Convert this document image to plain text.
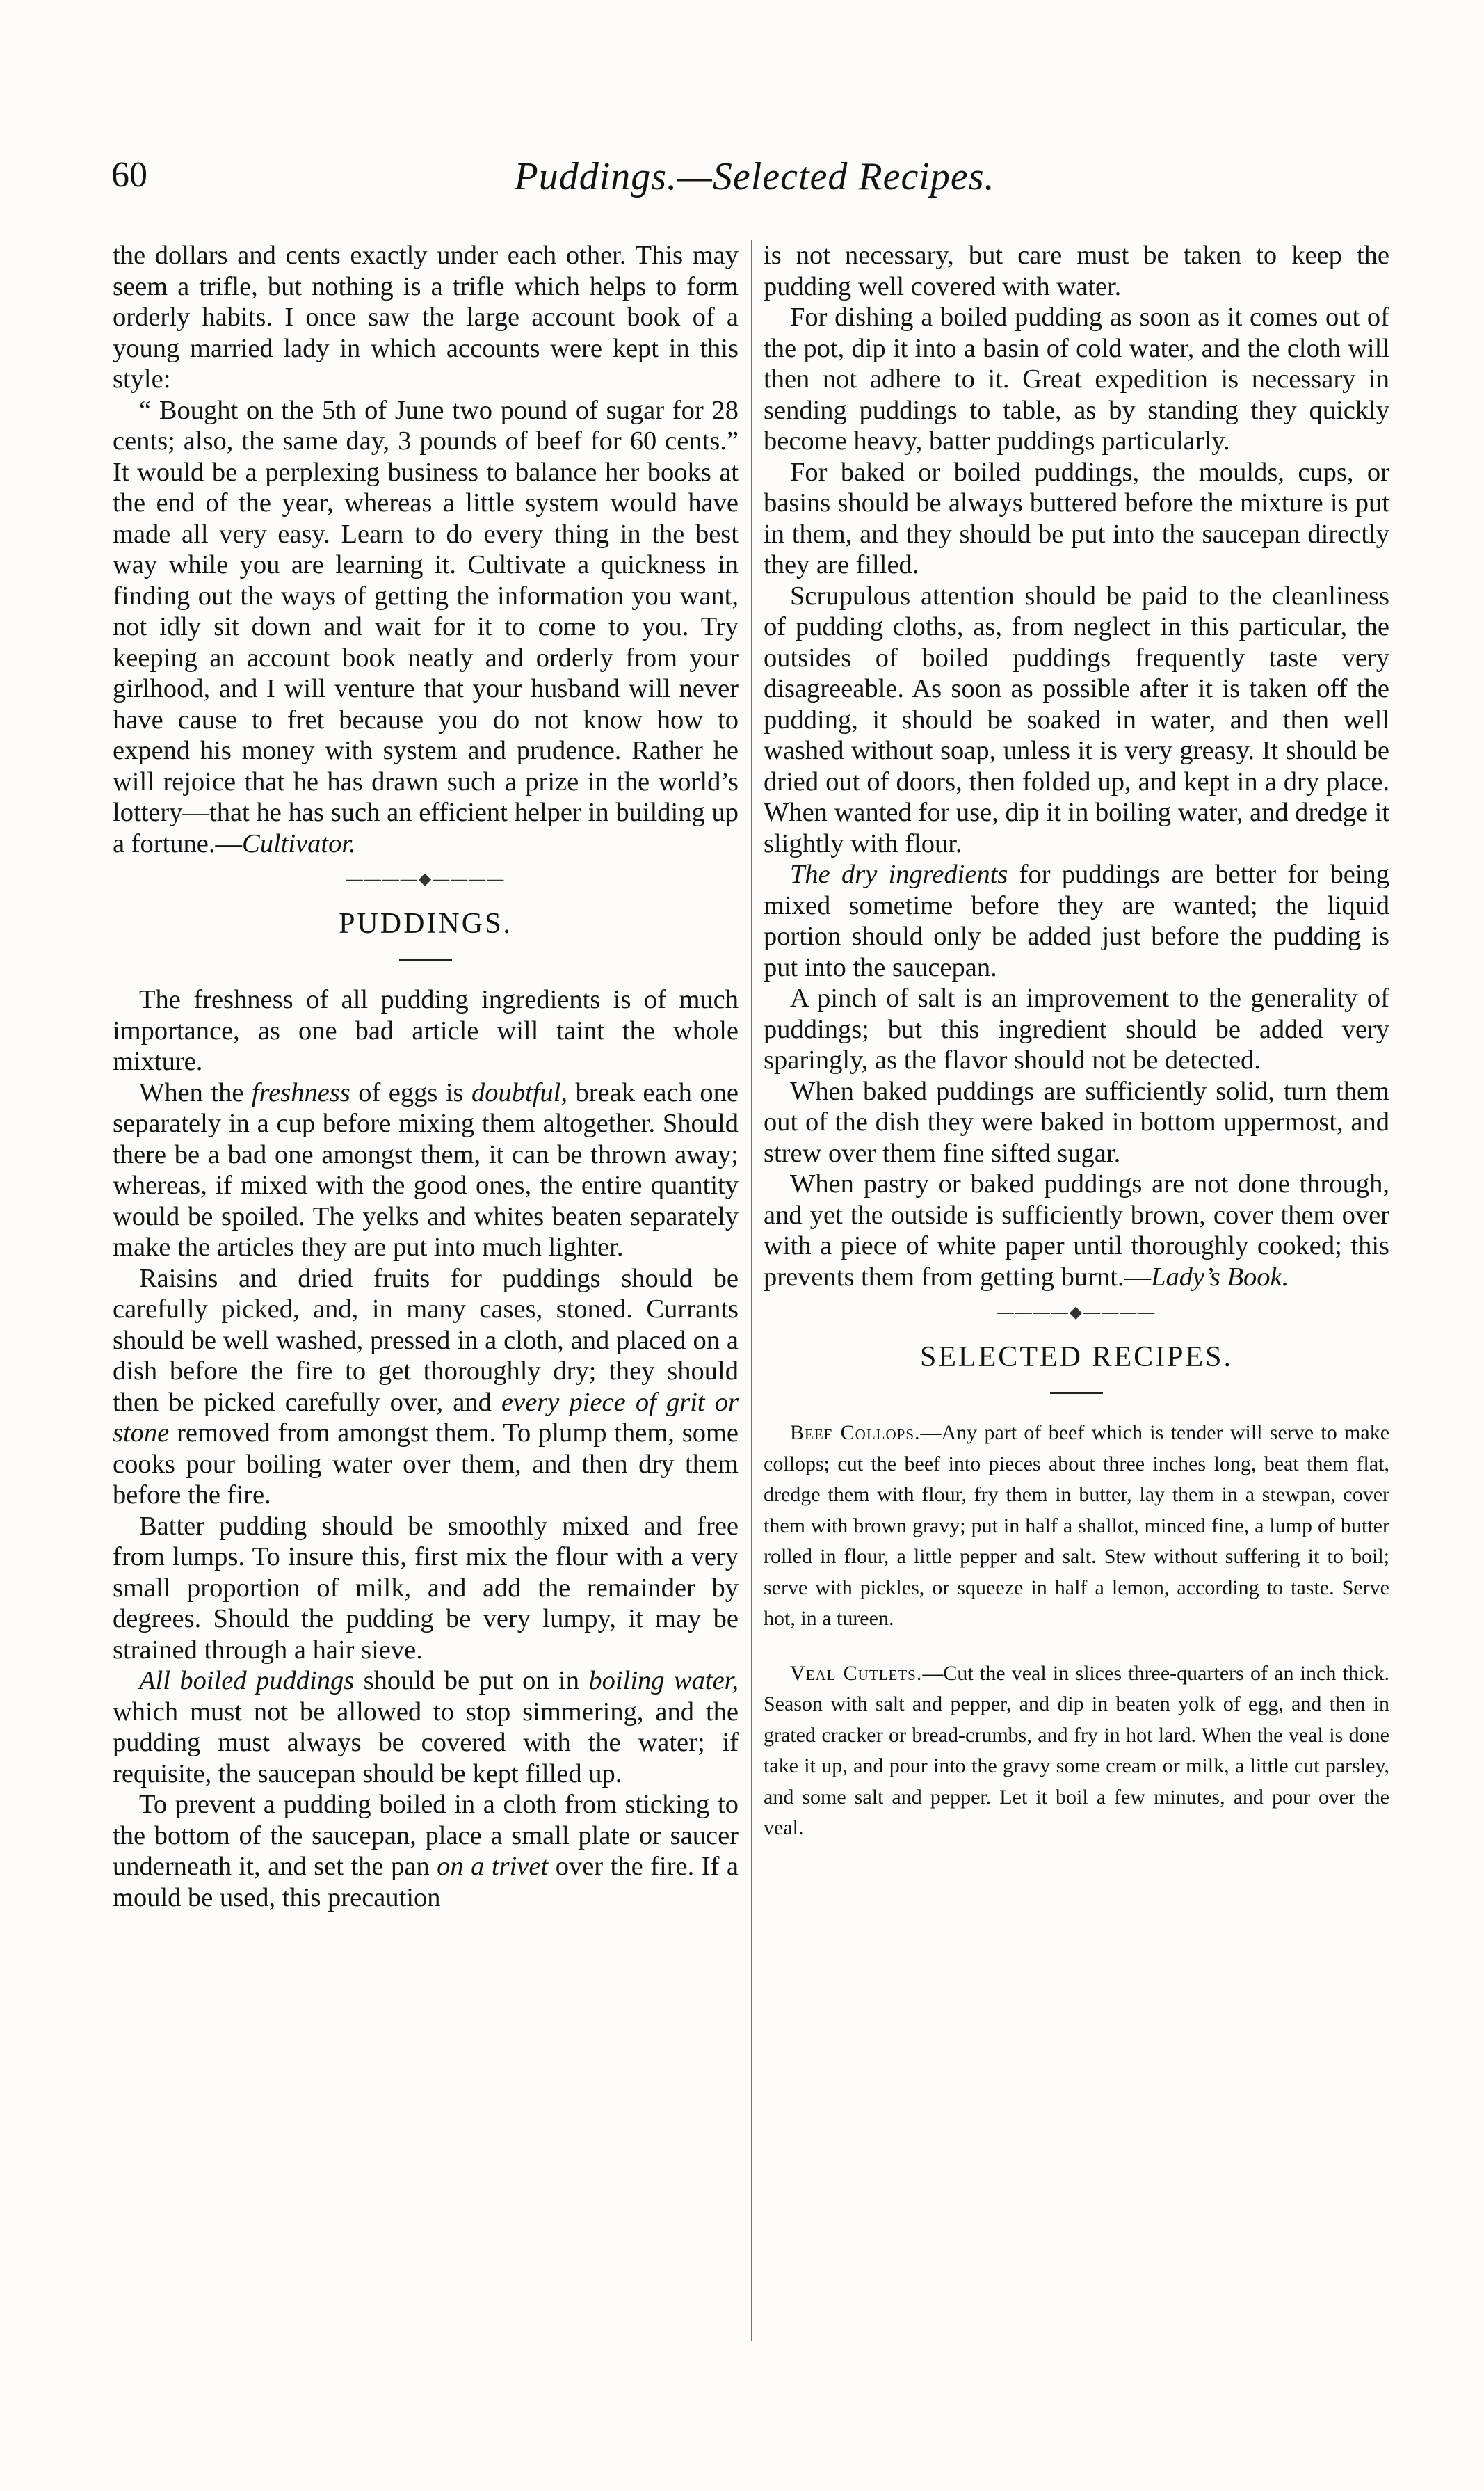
60	Puddings.—Selected Recipes.

the dollars and cents exactly under each other. This may seem a trifle, but nothing is a trifle which helps to form orderly habits. I once saw the large account book of a young married lady in which accounts were kept in this style:

“ Bought on the 5th of June two pound of sugar for 28 cents; also, the same day, 3 pounds of beef for 60 cents.” It would be a perplexing business to balance her books at the end of the year, whereas a little system would have made all very easy. Learn to do every thing in the best way while you are learning it. Cultivate a quickness in finding out the ways of getting the information you want, not idly sit down and wait for it to come to you. Try keeping an account book neatly and orderly from your girlhood, and I will venture that your husband will never have cause to fret because you do not know how to expend his money with system and prudence. Rather he will rejoice that he has drawn such a prize in the world’s lottery—that he has such an efficient helper in building up a fortune.—Cultivator.

————◆————
PUDDINGS.

The freshness of all pudding ingredients is of much importance, as one bad article will taint the whole mixture.

When the freshness of eggs is doubtful, break each one separately in a cup before mixing them altogether. Should there be a bad one amongst them, it can be thrown away; whereas, if mixed with the good ones, the entire quantity would be spoiled. The yelks and whites beaten separately make the articles they are put into much lighter.

Raisins and dried fruits for puddings should be carefully picked, and, in many cases, stoned. Currants should be well washed, pressed in a cloth, and placed on a dish before the fire to get thoroughly dry; they should then be picked carefully over, and every piece of grit or stone removed from amongst them. To plump them, some cooks pour boiling water over them, and then dry them before the fire.

Batter pudding should be smoothly mixed and free from lumps. To insure this, first mix the flour with a very small proportion of milk, and add the remainder by degrees. Should the pudding be very lumpy, it may be strained through a hair sieve.

All boiled puddings should be put on in boiling water, which must not be allowed to stop simmering, and the pudding must always be covered with the water; if requisite, the saucepan should be kept filled up.

To prevent a pudding boiled in a cloth from sticking to the bottom of the saucepan, place a small plate or saucer underneath it, and set the pan on a trivet over the fire. If a mould be used, this precaution

is not necessary, but care must be taken to keep the pudding well covered with water.

For dishing a boiled pudding as soon as it comes out of the pot, dip it into a basin of cold water, and the cloth will then not adhere to it. Great expedition is necessary in sending puddings to table, as by standing they quickly become heavy, batter puddings particularly.

For baked or boiled puddings, the moulds, cups, or basins should be always buttered before the mixture is put in them, and they should be put into the saucepan directly they are filled.

Scrupulous attention should be paid to the cleanliness of pudding cloths, as, from neglect in this particular, the outsides of boiled puddings frequently taste very disagreeable. As soon as possible after it is taken off the pudding, it should be soaked in water, and then well washed without soap, unless it is very greasy. It should be dried out of doors, then folded up, and kept in a dry place. When wanted for use, dip it in boiling water, and dredge it slightly with flour.

The dry ingredients for puddings are better for being mixed sometime before they are wanted; the liquid portion should only be added just before the pudding is put into the saucepan.

A pinch of salt is an improvement to the generality of puddings; but this ingredient should be added very sparingly, as the flavor should not be detected.

When baked puddings are sufficiently solid, turn them out of the dish they were baked in bottom uppermost, and strew over them fine sifted sugar.

When pastry or baked puddings are not done through, and yet the outside is sufficiently brown, cover them over with a piece of white paper until thoroughly cooked; this prevents them from getting burnt.—Lady’s Book.

————◆————
SELECTED RECIPES.

Beef Collops.—Any part of beef which is tender will serve to make collops; cut the beef into pieces about three inches long, beat them flat, dredge them with flour, fry them in butter, lay them in a stewpan, cover them with brown gravy; put in half a shallot, minced fine, a lump of butter rolled in flour, a little pepper and salt. Stew without suffering it to boil; serve with pickles, or squeeze in half a lemon, according to taste. Serve hot, in a tureen.

Veal Cutlets.—Cut the veal in slices three-quarters of an inch thick. Season with salt and pepper, and dip in beaten yolk of egg, and then in grated cracker or bread-crumbs, and fry in hot lard. When the veal is done take it up, and pour into the gravy some cream or milk, a little cut parsley, and some salt and pepper. Let it boil a few minutes, and pour over the veal.
